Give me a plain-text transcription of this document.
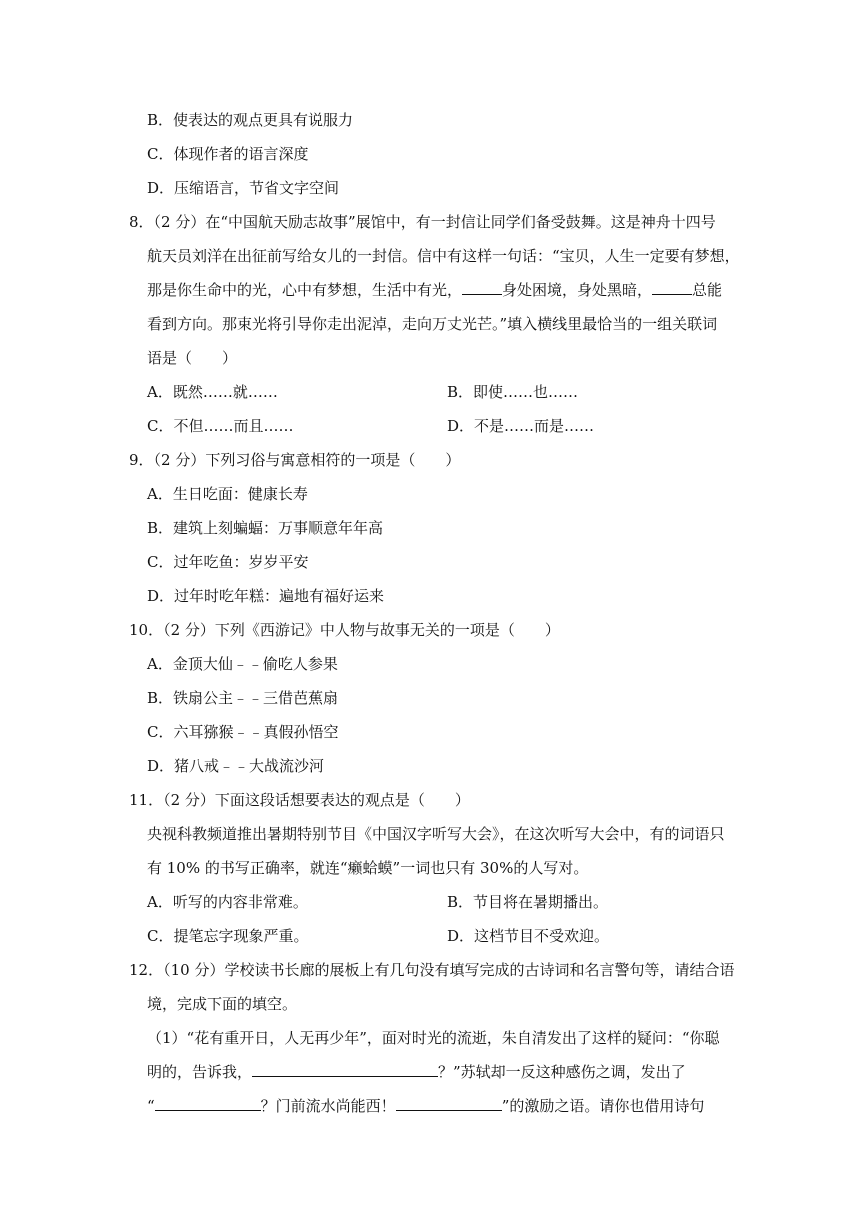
B．使表达的观点更具有说服力
C．体现作者的语言深度
D．压缩语言，节省文字空间
8．（2 分）在“中国航天励志故事”展馆中，有一封信让同学们备受鼓舞。这是神舟十四号
航天员刘洋在出征前写给女儿的一封信。信中有这样一句话：“宝贝，人生一定要有梦想，
那是你生命中的光，心中有梦想，生活中有光，	身处困境，身处黑暗，	总能
看到方向。那束光将引导你走出泥淖，走向万丈光芒。”填入横线里最恰当的一组关联词
语是（　　）
A．既然……就……	B．即使……也……
C．不但……而且……	D．不是……而是……
9．（2 分）下列习俗与寓意相符的一项是（　　）
A．生日吃面：健康长寿
B．建筑上刻蝙蝠：万事顺意年年高
C．过年吃鱼：岁岁平安
D．过年时吃年糕：遍地有福好运来
10．（2 分）下列《西游记》中人物与故事无关的一项是（　　）
A．金顶大仙﹣﹣偷吃人参果
B．铁扇公主﹣﹣三借芭蕉扇
C．六耳猕猴﹣﹣真假孙悟空
D．猪八戒﹣﹣大战流沙河
11．（2 分）下面这段话想要表达的观点是（　　）
央视科教频道推出暑期特别节目《中国汉字听写大会》，在这次听写大会中，有的词语只
有 10% 的书写正确率，就连“癞蛤蟆”一词也只有 30%的人写对。
A．听写的内容非常难。	B．节目将在暑期播出。
C．提笔忘字现象严重。	D．这档节目不受欢迎。
12．（10 分）学校读书长廊的展板上有几句没有填写完成的古诗词和名言警句等，请结合语
境，完成下面的填空。
（1）“花有重开日，人无再少年”，面对时光的流逝，朱自清发出了这样的疑问：“你聪
明的，告诉我，	？”苏轼却一反这种感伤之调，发出了
“	？门前流水尚能西！	”的激励之语。请你也借用诗句
